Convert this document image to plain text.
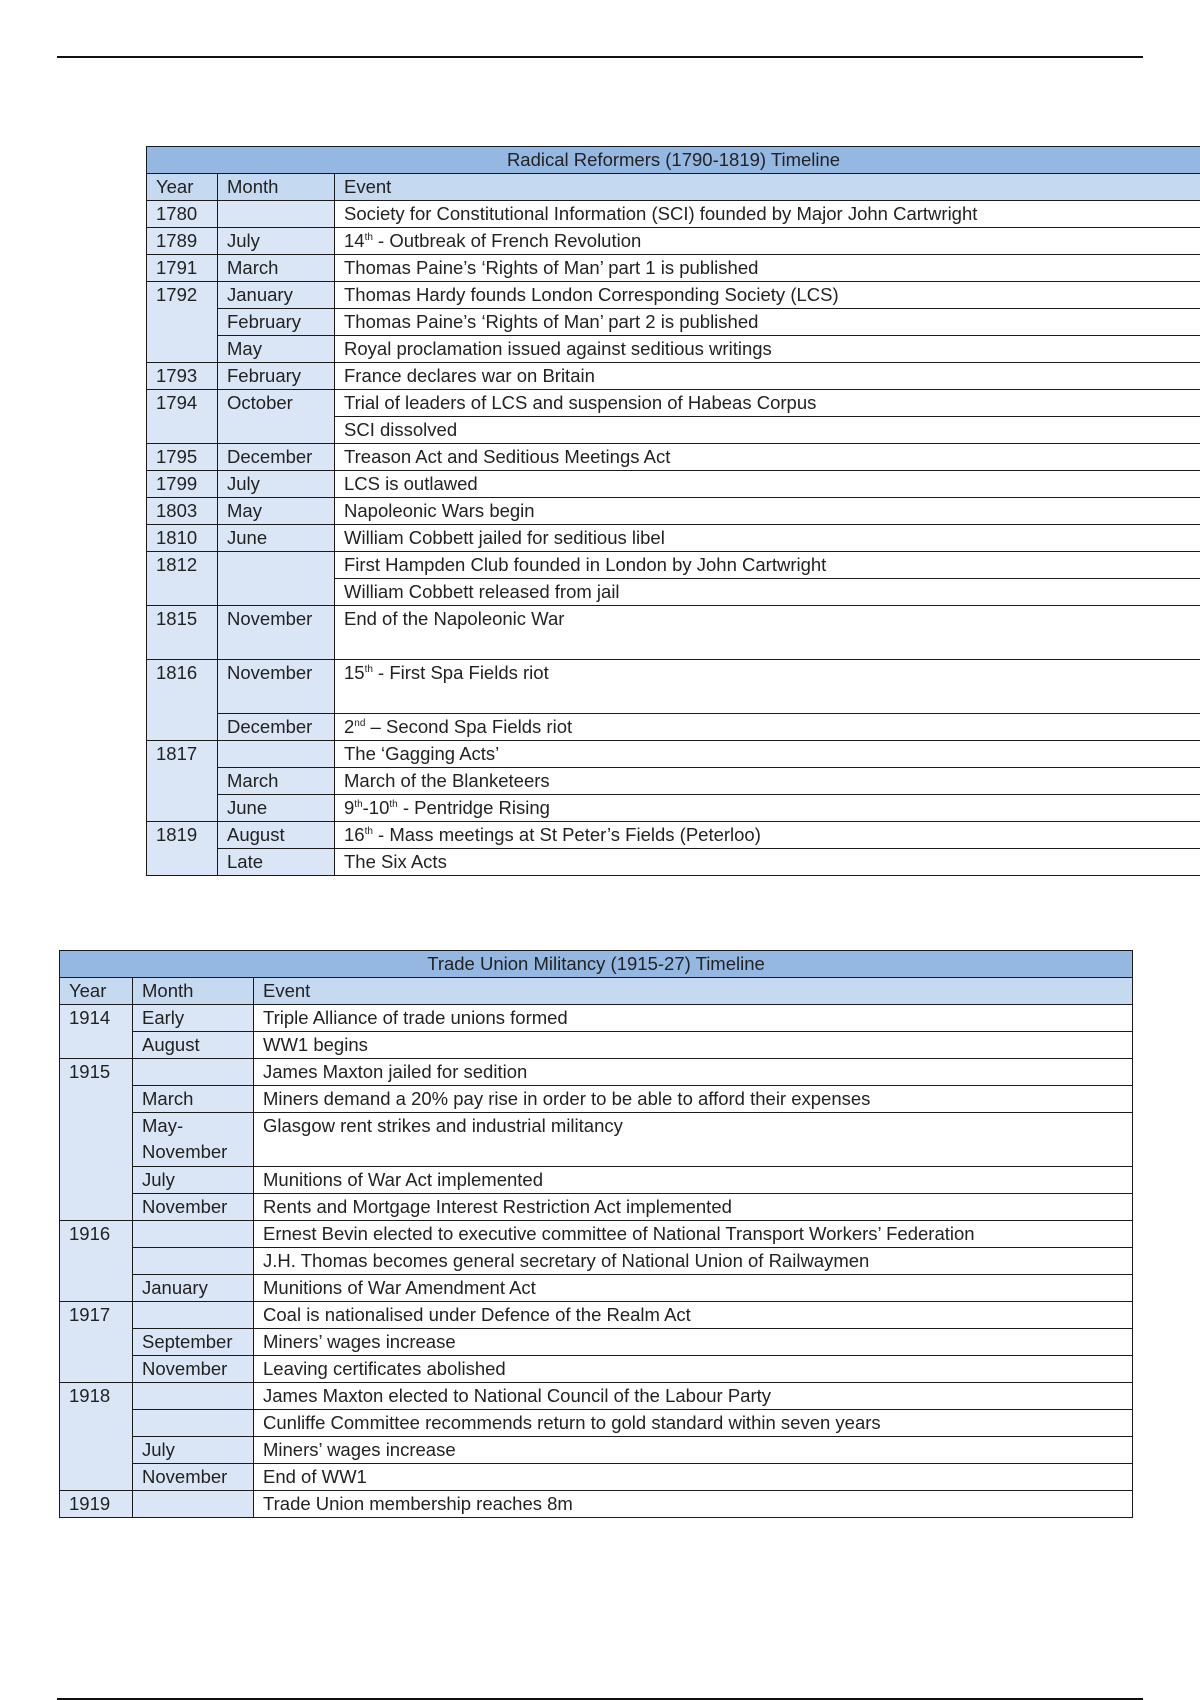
Radical Reformers (1790-1819) Timeline		
Year	Month	Event
1780		Society for Constitutional Information (SCI) founded by Major John Cartwright
1789	July	14th - Outbreak of French Revolution
1791	March	Thomas Paine’s ‘Rights of Man’ part 1 is published
1792	January	Thomas Hardy founds London Corresponding Society (LCS)
	February	Thomas Paine’s ‘Rights of Man’ part 2 is published
	May	Royal proclamation issued against seditious writings
1793	February	France declares war on Britain
1794	October	Trial of leaders of LCS and suspension of Habeas Corpus
		SCI dissolved
1795	December	Treason Act and Seditious Meetings Act
1799	July	LCS is outlawed
1803	May	Napoleonic Wars begin
1810	June	William Cobbett jailed for seditious libel
1812		First Hampden Club founded in London by John Cartwright
		William Cobbett released from jail
1815	November	End of the Napoleonic War
1816	November	15th - First Spa Fields riot
	December	2nd – Second Spa Fields riot
1817		The ‘Gagging Acts’
	March	March of the Blanketeers
	June	9th-10th - Pentridge Rising
1819	August	16th - Mass meetings at St Peter’s Fields (Peterloo)
	Late	The Six Acts
Trade Union Militancy (1915-27) Timeline		
Year	Month	Event
1914	Early	Triple Alliance of trade unions formed
	August	WW1 begins
1915		James Maxton jailed for sedition
	March	Miners demand a 20% pay rise in order to be able to afford their expenses
	May-November	Glasgow rent strikes and industrial militancy
	July	Munitions of War Act implemented
	November	Rents and Mortgage Interest Restriction Act implemented
1916		Ernest Bevin elected to executive committee of National Transport Workers’ Federation
		J.H. Thomas becomes general secretary of National Union of Railwaymen
	January	Munitions of War Amendment Act
1917		Coal is nationalised under Defence of the Realm Act
	September	Miners’ wages increase
	November	Leaving certificates abolished
1918		James Maxton elected to National Council of the Labour Party
		Cunliffe Committee recommends return to gold standard within seven years
	July	Miners’ wages increase
	November	End of WW1
1919		Trade Union membership reaches 8m
